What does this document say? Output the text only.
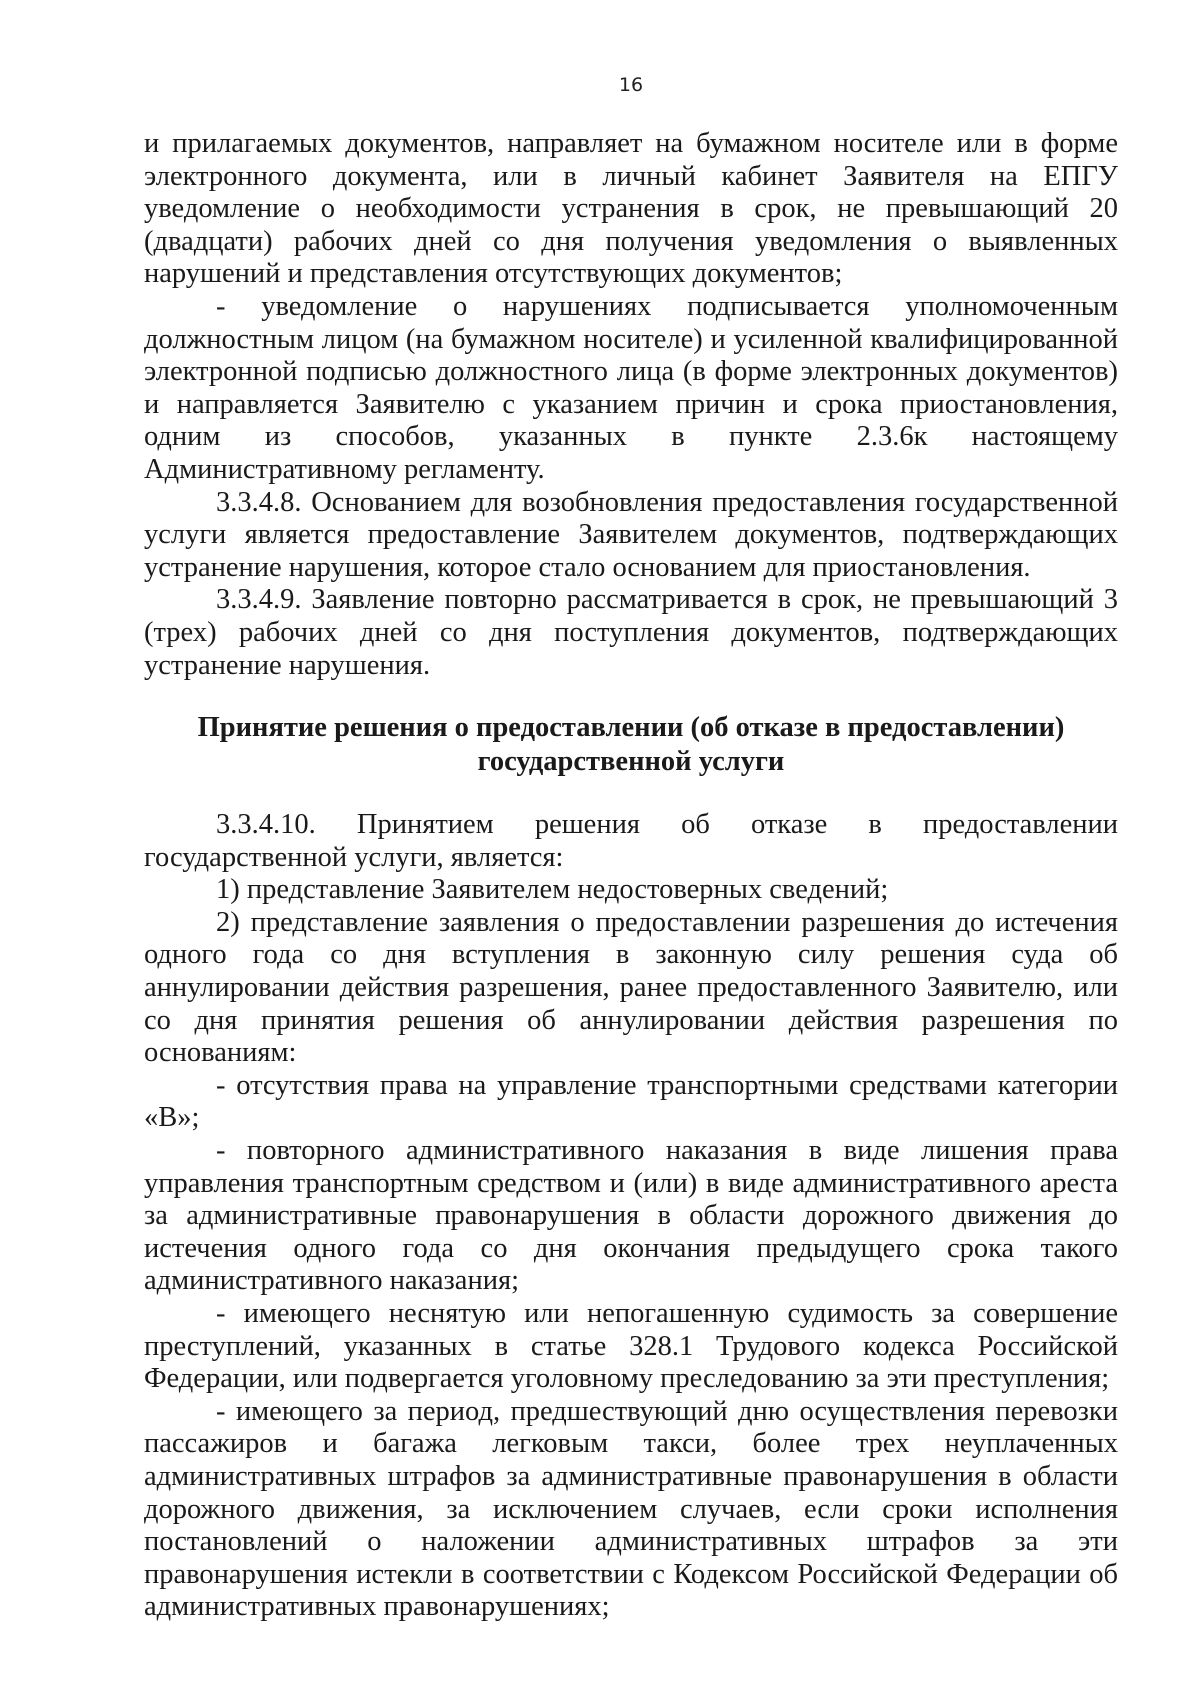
16

и прилагаемых документов, направляет на бумажном носителе или в форме электронного документа, или в личный кабинет Заявителя на ЕПГУ уведомление о необходимости устранения в срок, не превышающий 20 (двадцати) рабочих дней со дня получения уведомления о выявленных нарушений и представления отсутствующих документов;

- уведомление о нарушениях подписывается уполномоченным должностным лицом (на бумажном носителе) и усиленной квалифицированной электронной подписью должностного лица (в форме электронных документов) и направляется Заявителю с указанием причин и срока приостановления, одним из способов, указанных в пункте 2.3.6к настоящему Административному регламенту.

3.3.4.8. Основанием для возобновления предоставления государственной услуги является предоставление Заявителем документов, подтверждающих устранение нарушения, которое стало основанием для приостановления.

3.3.4.9. Заявление повторно рассматривается в срок, не превышающий 3 (трех) рабочих дней со дня поступления документов, подтверждающих устранение нарушения.

Принятие решения о предоставлении (об отказе в предоставлении)
государственной услуги

3.3.4.10. Принятием решения об отказе в предоставлении государственной услуги, является:

1) представление Заявителем недостоверных сведений;

2) представление заявления о предоставлении разрешения до истечения одного года со дня вступления в законную силу решения суда об аннулировании действия разрешения, ранее предоставленного Заявителю, или со дня принятия решения об аннулировании действия разрешения по основаниям:

- отсутствия права на управление транспортными средствами категории «В»;

- повторного административного наказания в виде лишения права управления транспортным средством и (или) в виде административного ареста за административные правонарушения в области дорожного движения до истечения одного года со дня окончания предыдущего срока такого административного наказания;

- имеющего неснятую или непогашенную судимость за совершение преступлений, указанных в статье 328.1 Трудового кодекса Российской Федерации, или подвергается уголовному преследованию за эти преступления;

- имеющего за период, предшествующий дню осуществления перевозки пассажиров и багажа легковым такси, более трех неуплаченных административных штрафов за административные правонарушения в области дорожного движения, за исключением случаев, если сроки исполнения постановлений о наложении административных штрафов за эти правонарушения истекли в соответствии с Кодексом Российской Федерации об административных правонарушениях;
